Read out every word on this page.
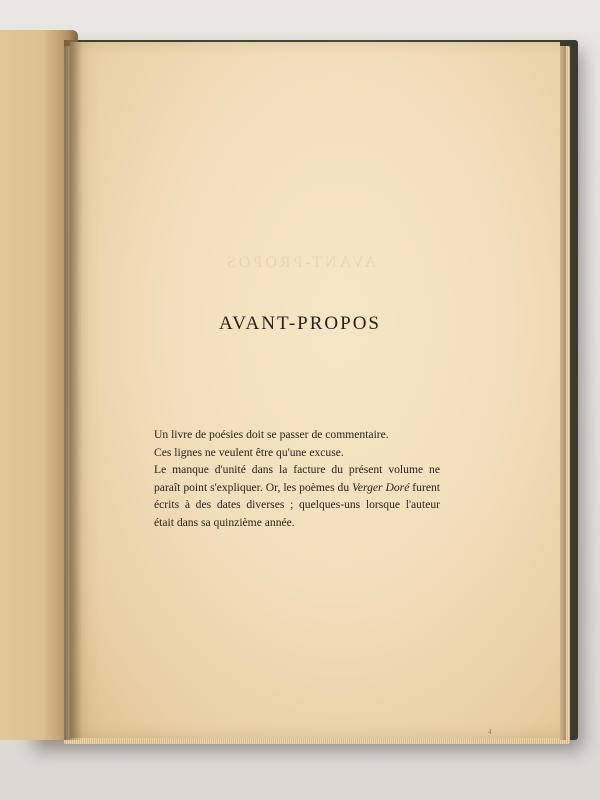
AVANT-PROPOS
AVANT-PROPOS

Un livre de poésies doit se passer de commentaire.
Ces lignes ne veulent être qu'une excuse.

Le manque d'unité dans la facture du présent volume ne paraît point s'expliquer. Or, les poèmes du Verger Doré furent écrits à des dates diverses ; quelques-uns lorsque l'auteur était dans sa quinzième année.

4
